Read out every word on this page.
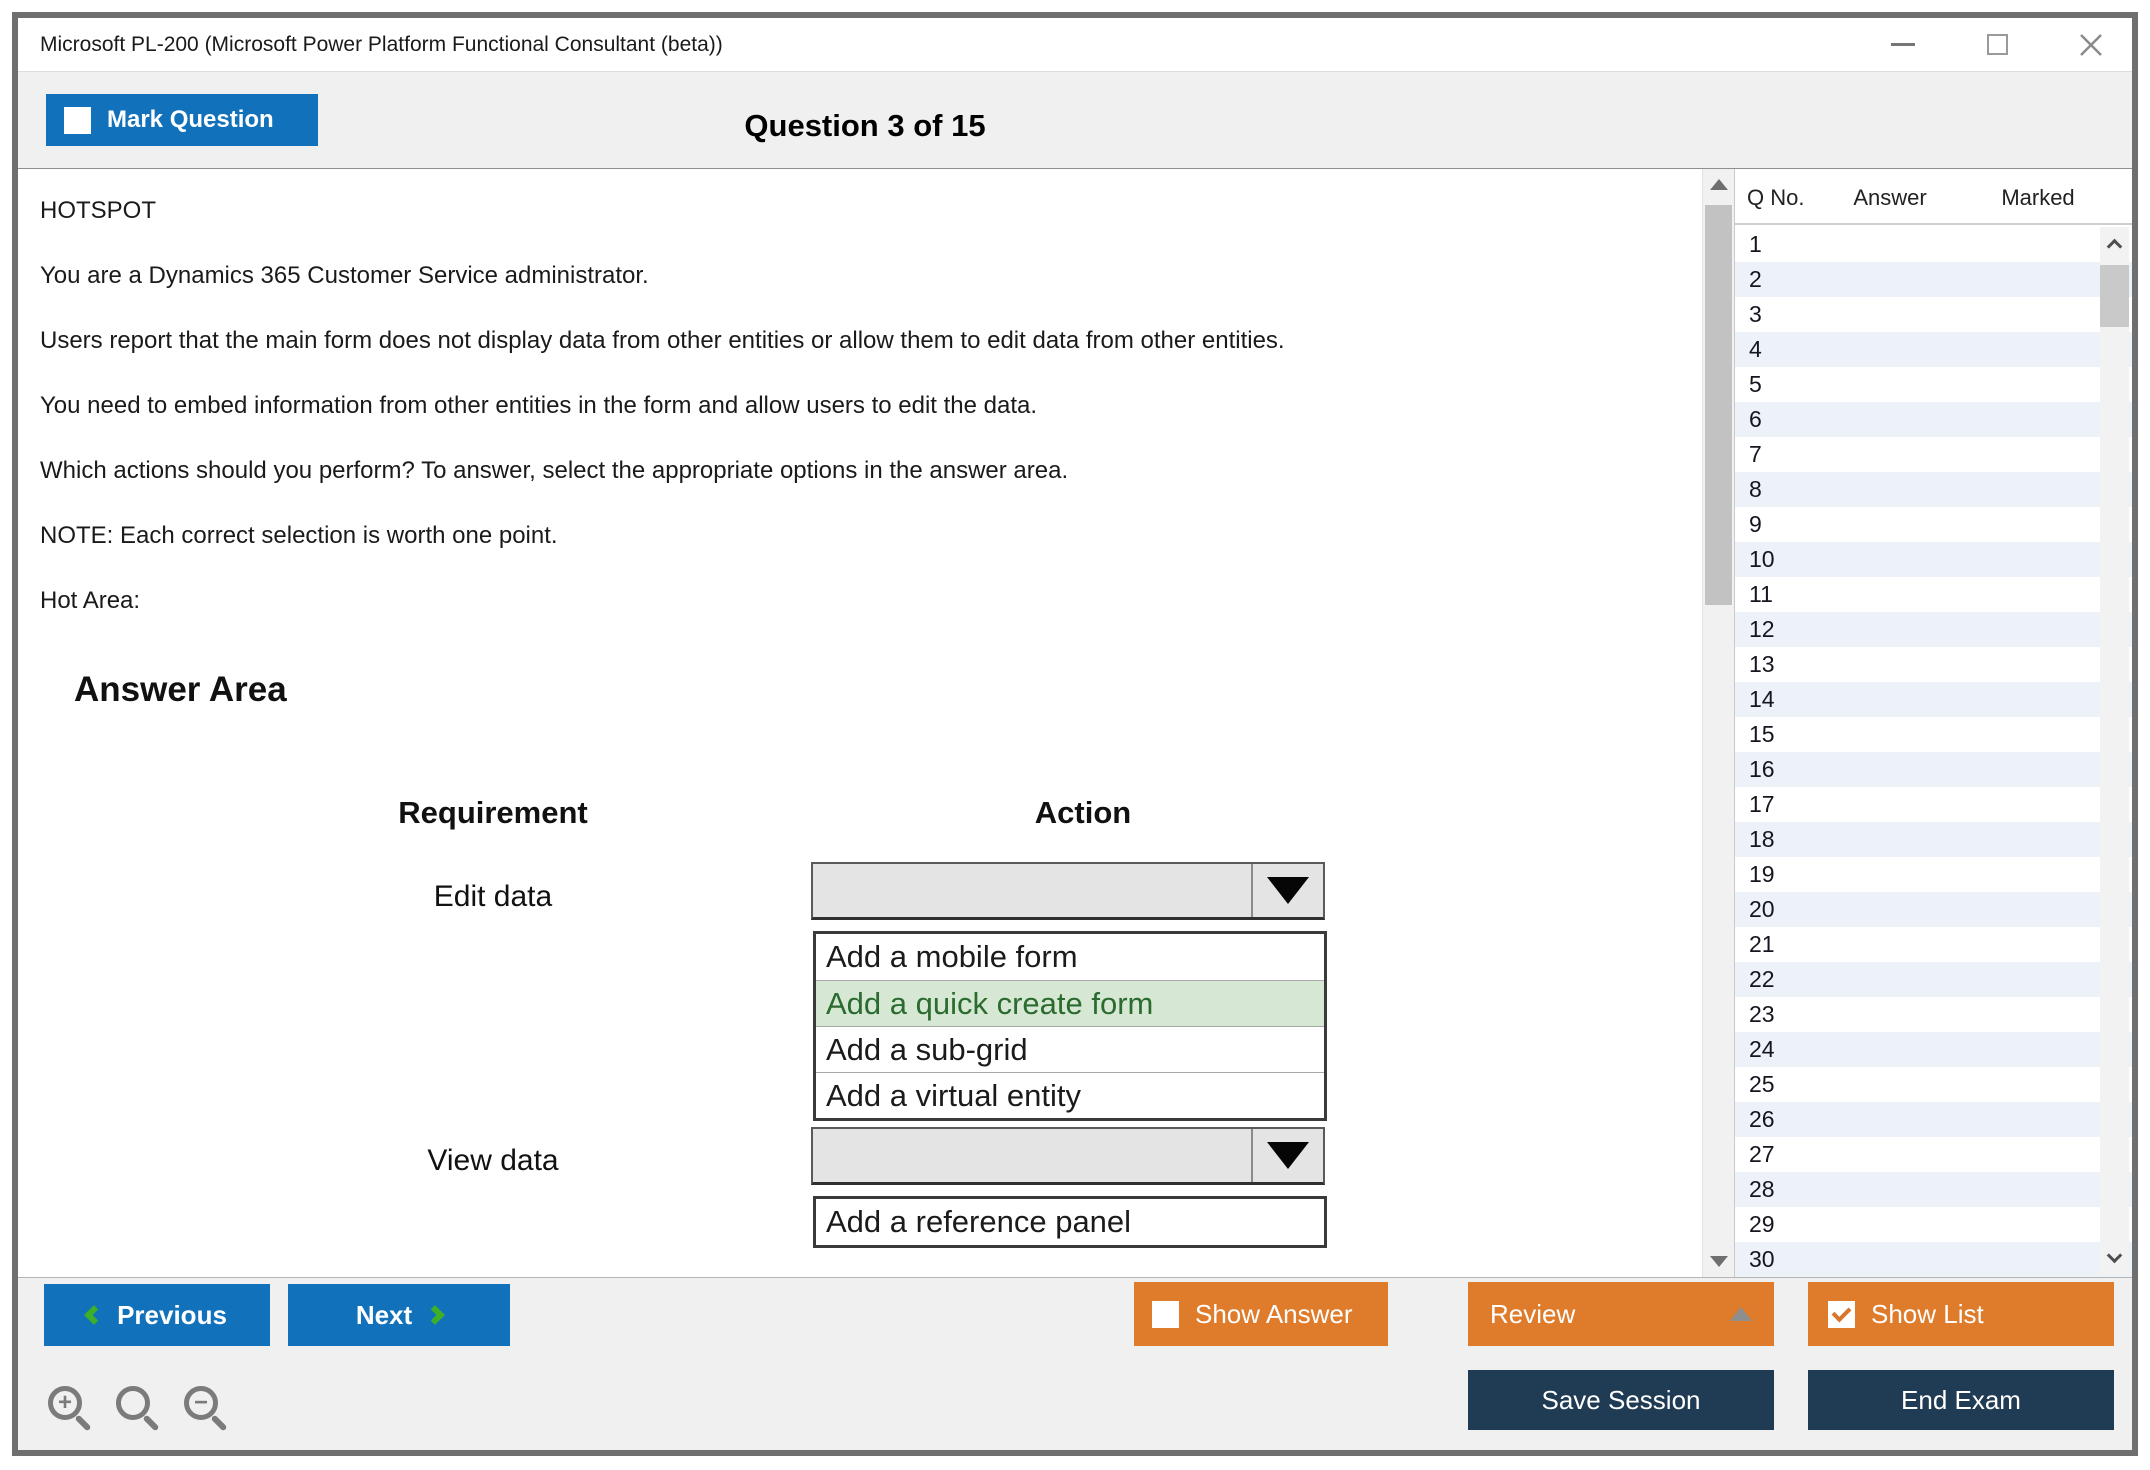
Microsoft PL-200 (Microsoft Power Platform Functional Consultant (beta))
Mark Question	Question 3 of 15

HOTSPOT

You are a Dynamics 365 Customer Service administrator.

Users report that the main form does not display data from other entities or allow them to edit data from other entities.

You need to embed information from other entities in the form and allow users to edit the data.

Which actions should you perform? To answer, select the appropriate options in the answer area.

NOTE: Each correct selection is worth one point.

Hot Area:

Answer Area
Requirement	Action
Edit data
Add a mobile form
Add a quick create form
Add a sub-grid
Add a virtual entity
View data
Add a reference panel
Q No.	Answer	Marked
1
2
3
4
5
6
7
8
9
10
11
12
13
14
15
16
17
18
19
20
21
22
23
24
25
26
27
28
29
30
Previous	Next	Show Answer	Review	Show List
Save Session	End Exam
+	−
